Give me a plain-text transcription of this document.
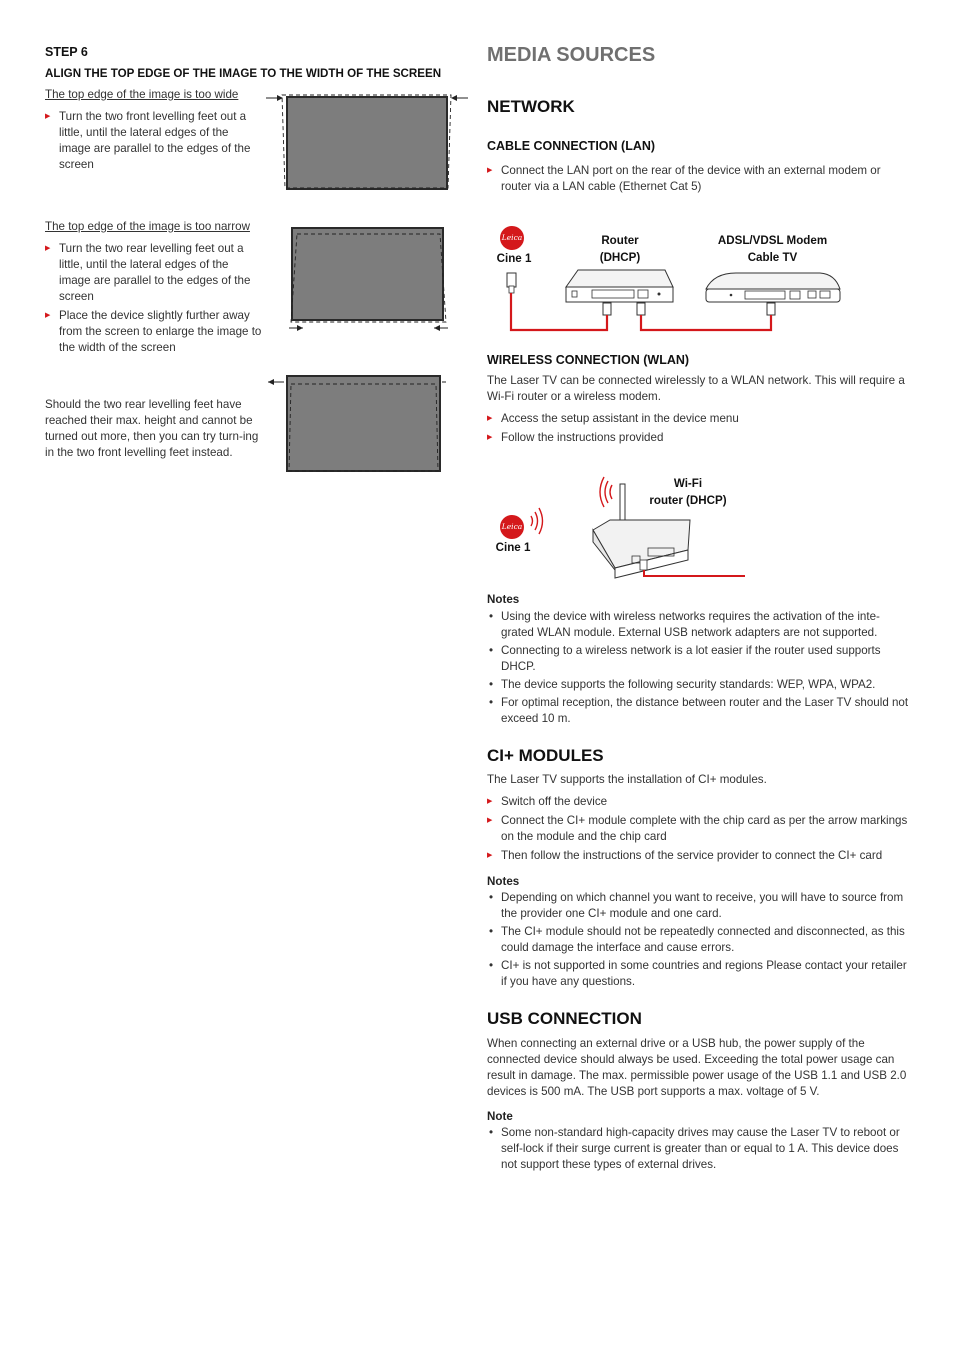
STEP 6
ALIGN THE TOP EDGE OF THE IMAGE TO THE WIDTH OF THE SCREEN
The top edge of the image is too wide
▶ Turn the two front levelling feet out a little, until the lateral edges of the image are parallel to the edges of the screen
The top edge of the image is too narrow
▶ Turn the two rear levelling feet out a little, until the lateral edges of the image are parallel to the edges of the screen
▶ Place the device slightly further away from the screen to enlarge the image to the width of the screen
Should the two rear levelling feet have reached their max. height and cannot be turned out more, then you can try turn-ing in the two front levelling feet instead.
MEDIA SOURCES
NETWORK
CABLE CONNECTION (LAN)
▶ Connect the LAN port on the rear of the device with an external modem or router via a LAN cable (Ethernet Cat 5)
Leica
Cine 1
Router
(DHCP)
ADSL/VDSL Modem
Cable TV
WIRELESS CONNECTION (WLAN)
The Laser TV can be connected wirelessly to a WLAN network. This will require a Wi-Fi router or a wireless modem.
▶ Access the setup assistant in the device menu
▶ Follow the instructions provided
Leica
Cine 1
Wi-Fi
router (DHCP)
Notes
• Using the device with wireless networks requires the activation of the inte-grated WLAN module. External USB network adapters are not supported.
• Connecting to a wireless network is a lot easier if the router used supports DHCP.
• The device supports the following security standards: WEP, WPA, WPA2.
• For optimal reception, the distance between router and the Laser TV should not exceed 10 m.
CI+ MODULES
The Laser TV supports the installation of CI+ modules.
▶ Switch off the device
▶ Connect the CI+ module complete with the chip card as per the arrow markings on the module and the chip card
▶ Then follow the instructions of the service provider to connect the CI+ card
Notes
• Depending on which channel you want to receive, you will have to source from the provider one CI+ module and one card.
• The CI+ module should not be repeatedly connected and disconnected, as this could damage the interface and cause errors.
• CI+ is not supported in some countries and regions Please contact your retailer if you have any questions.
USB CONNECTION
When connecting an external drive or a USB hub, the power supply of the connected device should always be used. Exceeding the total power usage can result in damage. The max. permissible power usage of the USB 1.1 and USB 2.0 devices is 500 mA. The USB port supports a max. voltage of 5 V.
Note
• Some non-standard high-capacity drives may cause the Laser TV to reboot or self-lock if their surge current is greater than or equal to 1 A. This device does not support these types of external drives.
